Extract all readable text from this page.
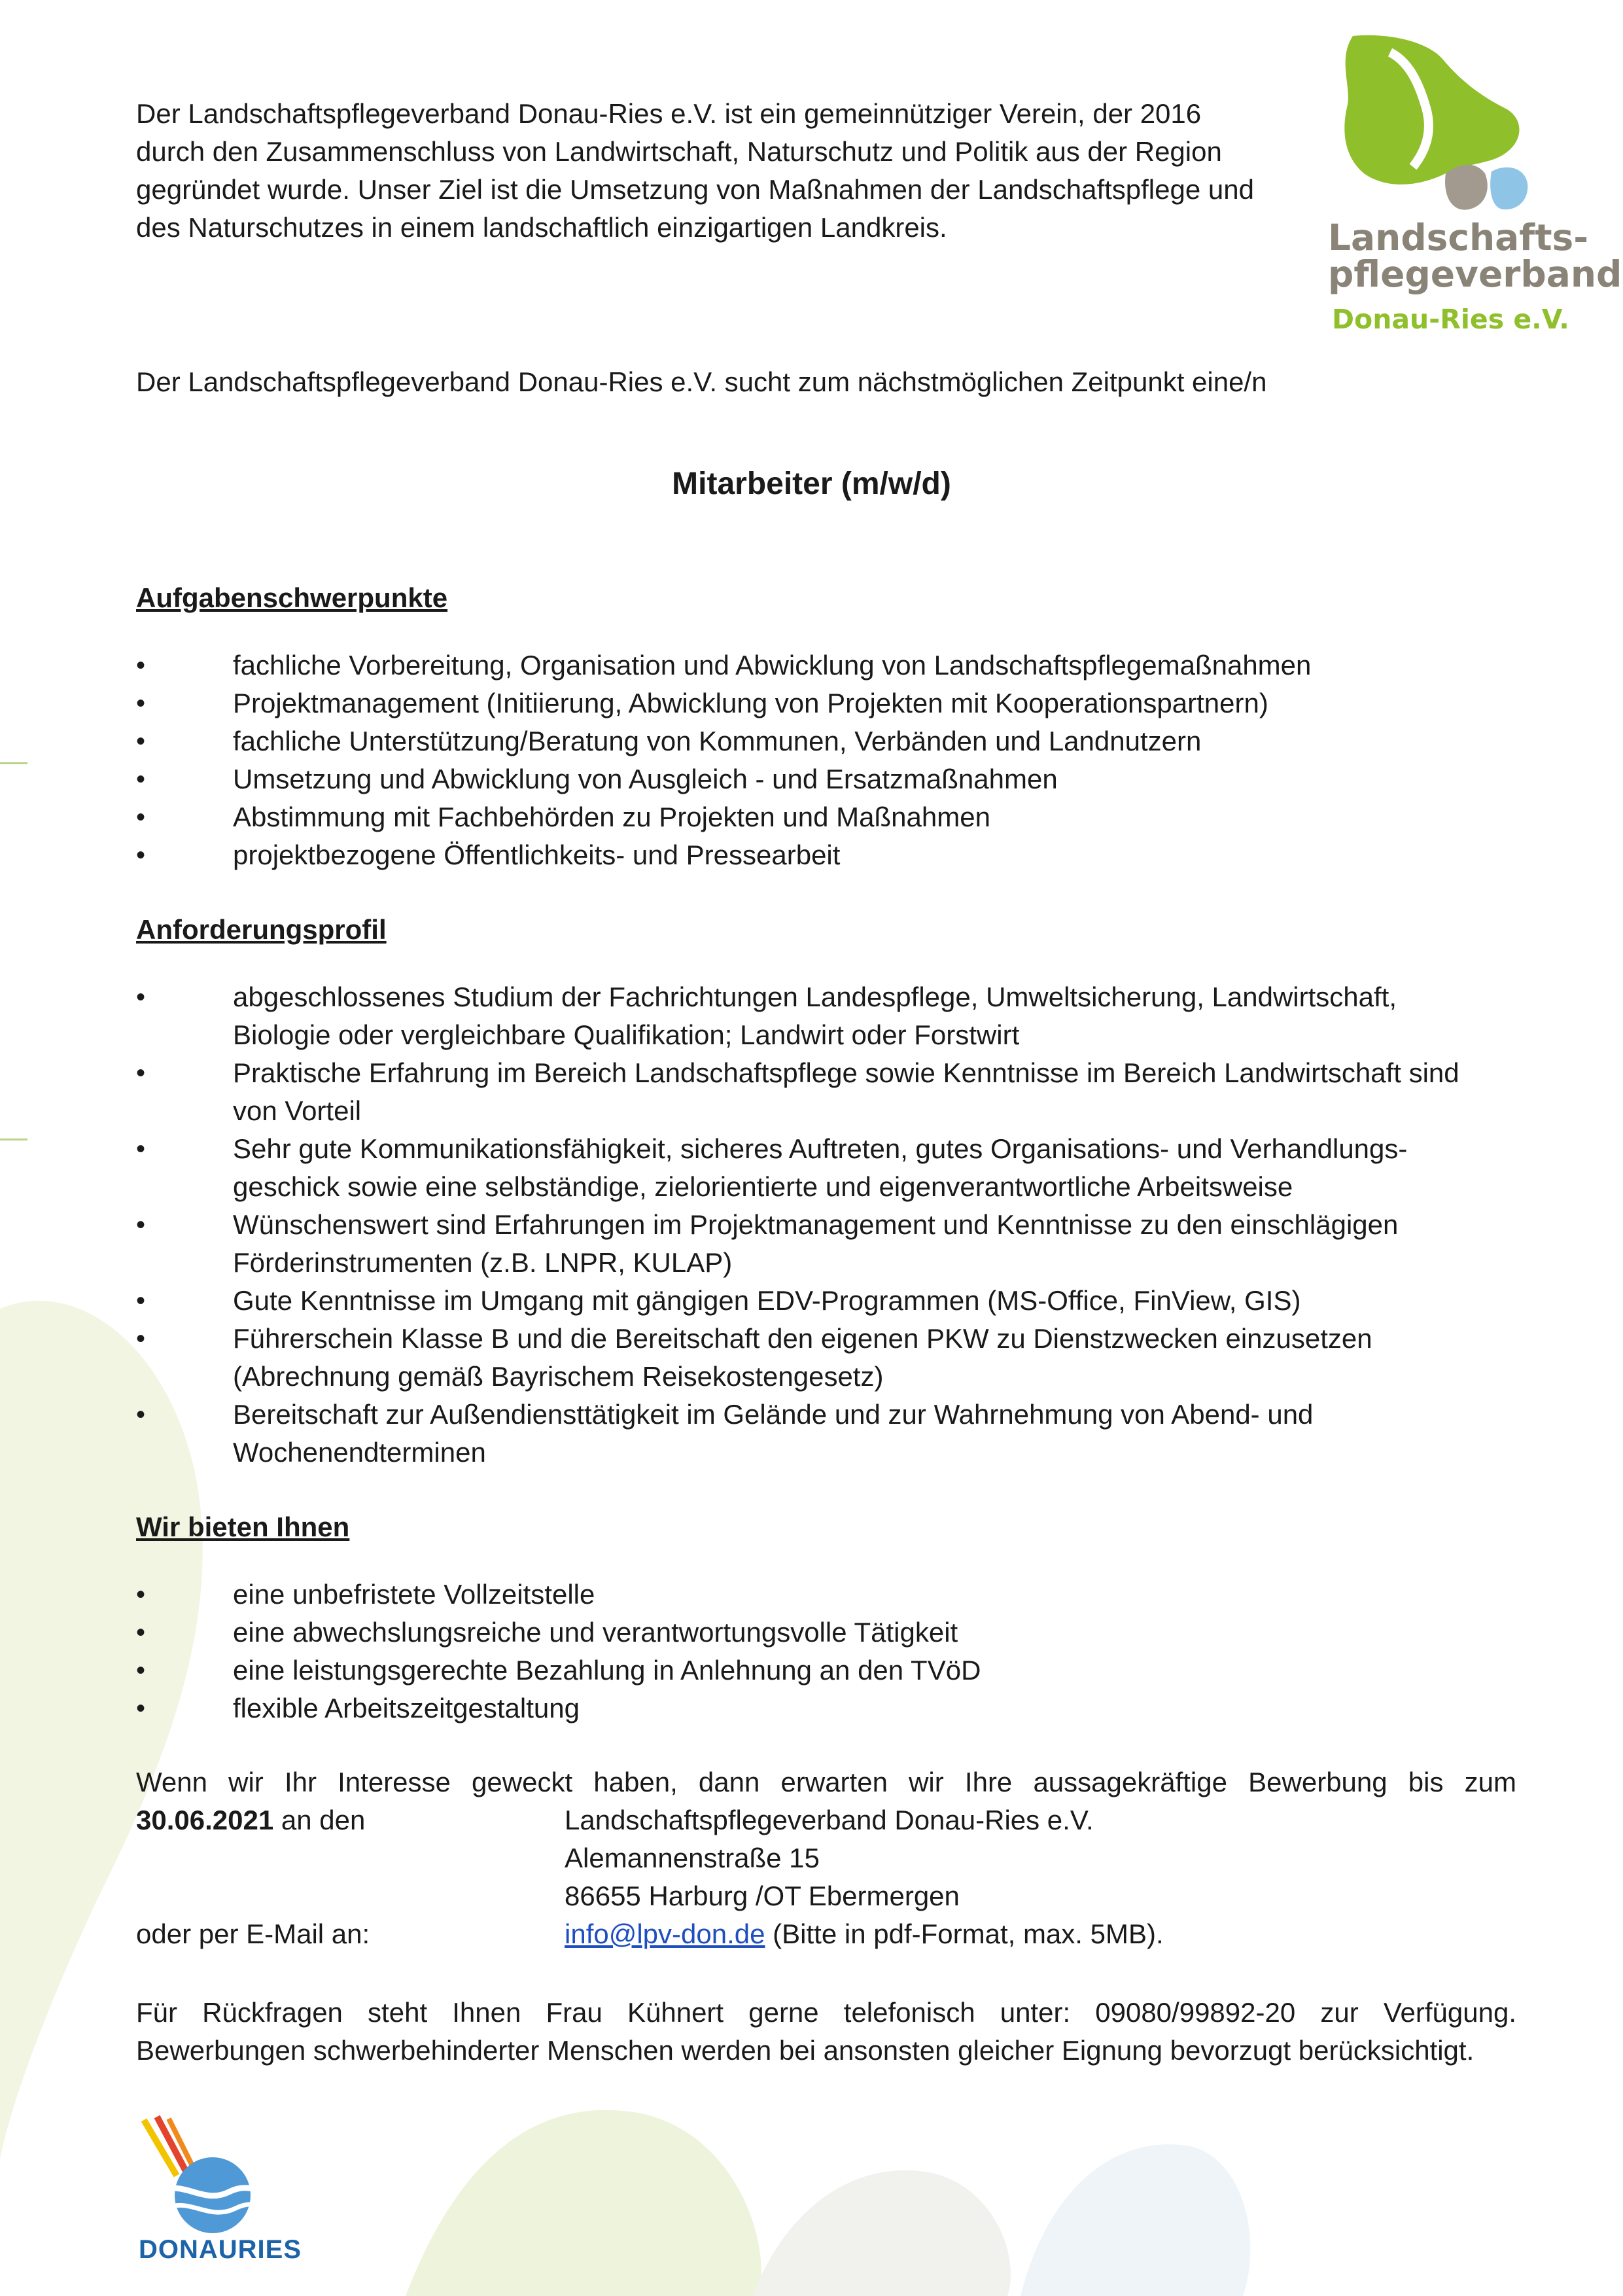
Landschafts-
pflegeverband
Donau-Ries e.V.

Der Landschaftspflegeverband Donau-Ries e.V. ist ein gemeinnütziger Verein, der 2016 durch den Zusammenschluss von Landwirtschaft, Naturschutz und Politik aus der Region gegründet wurde. Unser Ziel ist die Umsetzung von Maßnahmen der Landschaftspflege und des Naturschutzes in einem landschaftlich einzigartigen Landkreis.

Der Landschaftspflegeverband Donau-Ries e.V. sucht zum nächstmöglichen Zeitpunkt eine/n

Mitarbeiter (m/w/d)

Aufgabenschwerpunkte

• fachliche Vorbereitung, Organisation und Abwicklung von Landschaftspflegemaßnahmen
• Projektmanagement (Initiierung, Abwicklung von Projekten mit Kooperationspartnern)
• fachliche Unterstützung/Beratung von Kommunen, Verbänden und Landnutzern
• Umsetzung und Abwicklung von Ausgleich - und Ersatzmaßnahmen
• Abstimmung mit Fachbehörden zu Projekten und Maßnahmen
• projektbezogene Öffentlichkeits- und Pressearbeit

Anforderungsprofil

• abgeschlossenes Studium der Fachrichtungen Landespflege, Umweltsicherung, Landwirtschaft, Biologie oder vergleichbare Qualifikation; Landwirt oder Forstwirt
• Praktische Erfahrung im Bereich Landschaftspflege sowie Kenntnisse im Bereich Landwirtschaft sind von Vorteil
• Sehr gute Kommunikationsfähigkeit, sicheres Auftreten, gutes Organisations- und Verhandlungs-geschick sowie eine selbständige, zielorientierte und eigenverantwortliche Arbeitsweise
• Wünschenswert sind Erfahrungen im Projektmanagement und Kenntnisse zu den einschlägigen Förderinstrumenten (z.B. LNPR, KULAP)
• Gute Kenntnisse im Umgang mit gängigen EDV-Programmen (MS-Office, FinView, GIS)
• Führerschein Klasse B und die Bereitschaft den eigenen PKW zu Dienstzwecken einzusetzen (Abrechnung gemäß Bayrischem Reisekostengesetz)
• Bereitschaft zur Außendiensttätigkeit im Gelände und zur Wahrnehmung von Abend- und Wochenendterminen

Wir bieten Ihnen

• eine unbefristete Vollzeitstelle
• eine abwechslungsreiche und verantwortungsvolle Tätigkeit
• eine leistungsgerechte Bezahlung in Anlehnung an den TVöD
• flexible Arbeitszeitgestaltung

Wenn wir Ihr Interesse geweckt haben, dann erwarten wir Ihre aussagekräftige Bewerbung bis zum

30.06.2021 an den	Landschaftspflegeverband Donau-Ries e.V.
Alemannenstraße 15
86655 Harburg /OT Ebermergen
oder per E-Mail an:	info@lpv-don.de (Bitte in pdf-Format, max. 5MB).

Für Rückfragen steht Ihnen Frau Kühnert gerne telefonisch unter: 09080/99892-20 zur Verfügung.

Bewerbungen schwerbehinderter Menschen werden bei ansonsten gleicher Eignung bevorzugt berücksichtigt.

DONAURIES
